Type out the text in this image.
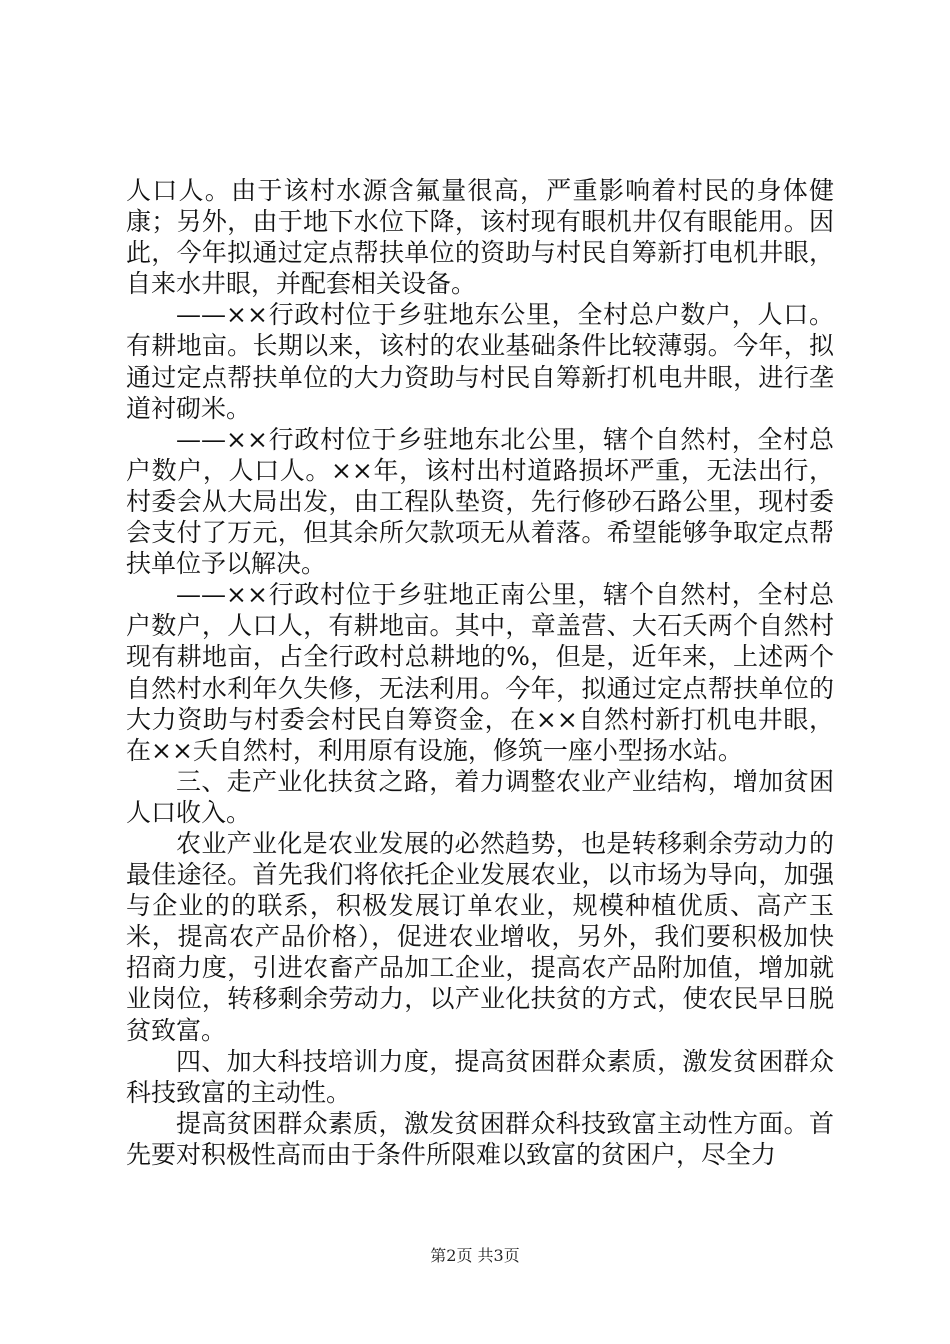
人口人。由于该村水源含氟量很高，严重影响着村民的身体健康；另外，由于地下水位下降，该村现有眼机井仅有眼能用。因此，今年拟通过定点帮扶单位的资助与村民自筹新打电机井眼，自来水井眼，并配套相关设备。

——××行政村位于乡驻地东公里，全村总户数户，人口。有耕地亩。长期以来，该村的农业基础条件比较薄弱。今年，拟通过定点帮扶单位的大力资助与村民自筹新打机电井眼，进行垄道衬砌米。

——××行政村位于乡驻地东北公里，辖个自然村，全村总户数户，人口人。××年，该村出村道路损坏严重，无法出行，村委会从大局出发，由工程队垫资，先行修砂石路公里，现村委会支付了万元，但其余所欠款项无从着落。希望能够争取定点帮扶单位予以解决。

——××行政村位于乡驻地正南公里，辖个自然村，全村总户数户，人口人，有耕地亩。其中，章盖营、大石夭两个自然村现有耕地亩，占全行政村总耕地的%，但是，近年来，上述两个自然村水利年久失修，无法利用。今年，拟通过定点帮扶单位的大力资助与村委会村民自筹资金，在××自然村新打机电井眼，在××夭自然村，利用原有设施，修筑一座小型扬水站。

三、走产业化扶贫之路，着力调整农业产业结构，增加贫困人口收入。

农业产业化是农业发展的必然趋势，也是转移剩余劳动力的最佳途径。首先我们将依托企业发展农业，以市场为导向，加强与企业的的联系，积极发展订单农业，规模种植优质、高产玉米，提高农产品价格），促进农业增收，另外，我们要积极加快招商力度，引进农畜产品加工企业，提高农产品附加值，增加就业岗位，转移剩余劳动力，以产业化扶贫的方式，使农民早日脱贫致富。

四、加大科技培训力度，提高贫困群众素质，激发贫困群众科技致富的主动性。

提高贫困群众素质，激发贫困群众科技致富主动性方面。首先要对积极性高而由于条件所限难以致富的贫困户，尽全力

第2页 共3页
